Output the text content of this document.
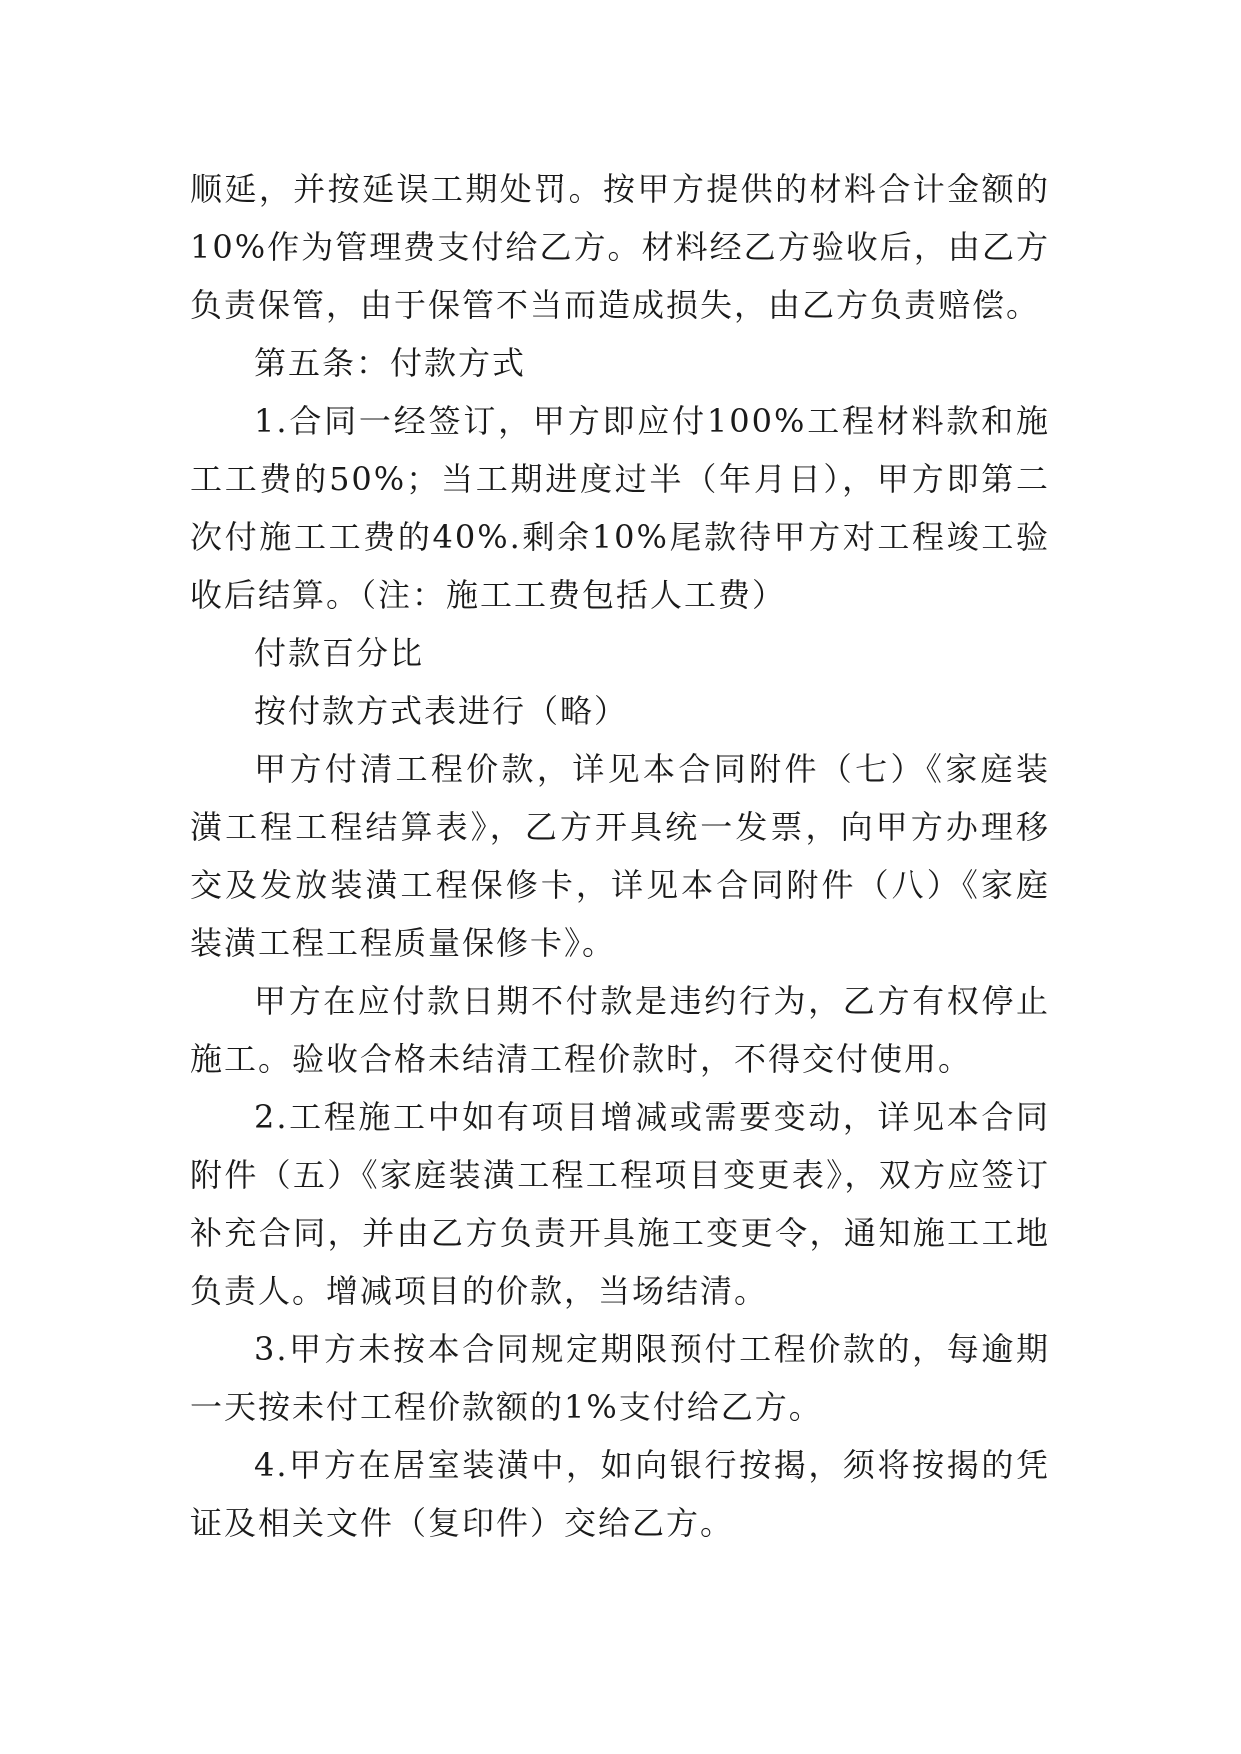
顺延，并按延误工期处罚。按甲方提供的材料合计金额的10%作为管理费支付给乙方。材料经乙方验收后，由乙方负责保管，由于保管不当而造成损失，由乙方负责赔偿。

第五条：付款方式

1.合同一经签订，甲方即应付100%工程材料款和施工工费的50%；当工期进度过半（年月日），甲方即第二次付施工工费的40%.剩余10%尾款待甲方对工程竣工验收后结算。（注：施工工费包括人工费）

付款百分比

按付款方式表进行（略）

甲方付清工程价款，详见本合同附件（七）《家庭装潢工程工程结算表》，乙方开具统一发票，向甲方办理移交及发放装潢工程保修卡，详见本合同附件（八）《家庭装潢工程工程质量保修卡》。

甲方在应付款日期不付款是违约行为，乙方有权停止施工。验收合格未结清工程价款时，不得交付使用。

2.工程施工中如有项目增减或需要变动，详见本合同附件（五）《家庭装潢工程工程项目变更表》，双方应签订补充合同，并由乙方负责开具施工变更令，通知施工工地负责人。增减项目的价款，当场结清。

3.甲方未按本合同规定期限预付工程价款的，每逾期一天按未付工程价款额的1%支付给乙方。

4.甲方在居室装潢中，如向银行按揭，须将按揭的凭证及相关文件（复印件）交给乙方。
